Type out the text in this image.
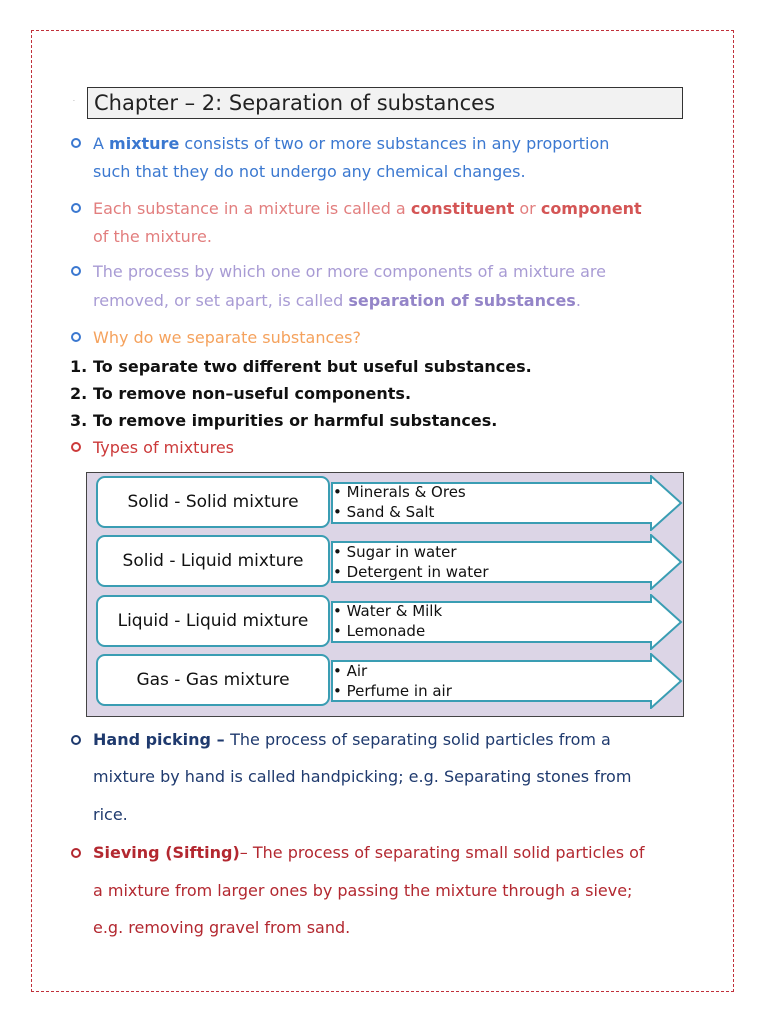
· Chapter – 2: Separation of substances
A mixture consists of two or more substances in any proportion
such that they do not undergo any chemical changes.
Each substance in a mixture is called a constituent or component
of the mixture.
The process by which one or more components of a mixture are
removed, or set apart, is called separation of substances.
Why do we separate substances?
1. To separate two different but useful substances.
2. To remove non–useful components.
3. To remove impurities or harmful substances.
Types of mixtures
Solid - Solid mixture	• Minerals & Ores
• Sand & Salt
Solid - Liquid mixture	• Sugar in water
• Detergent in water
Liquid - Liquid mixture	• Water & Milk
• Lemonade
Gas - Gas mixture	• Air
• Perfume in air
Hand picking – The process of separating solid particles from a
mixture by hand is called handpicking; e.g. Separating stones from
rice.
Sieving (Sifting)– The process of separating small solid particles of
a mixture from larger ones by passing the mixture through a sieve;
e.g. removing gravel from sand.
